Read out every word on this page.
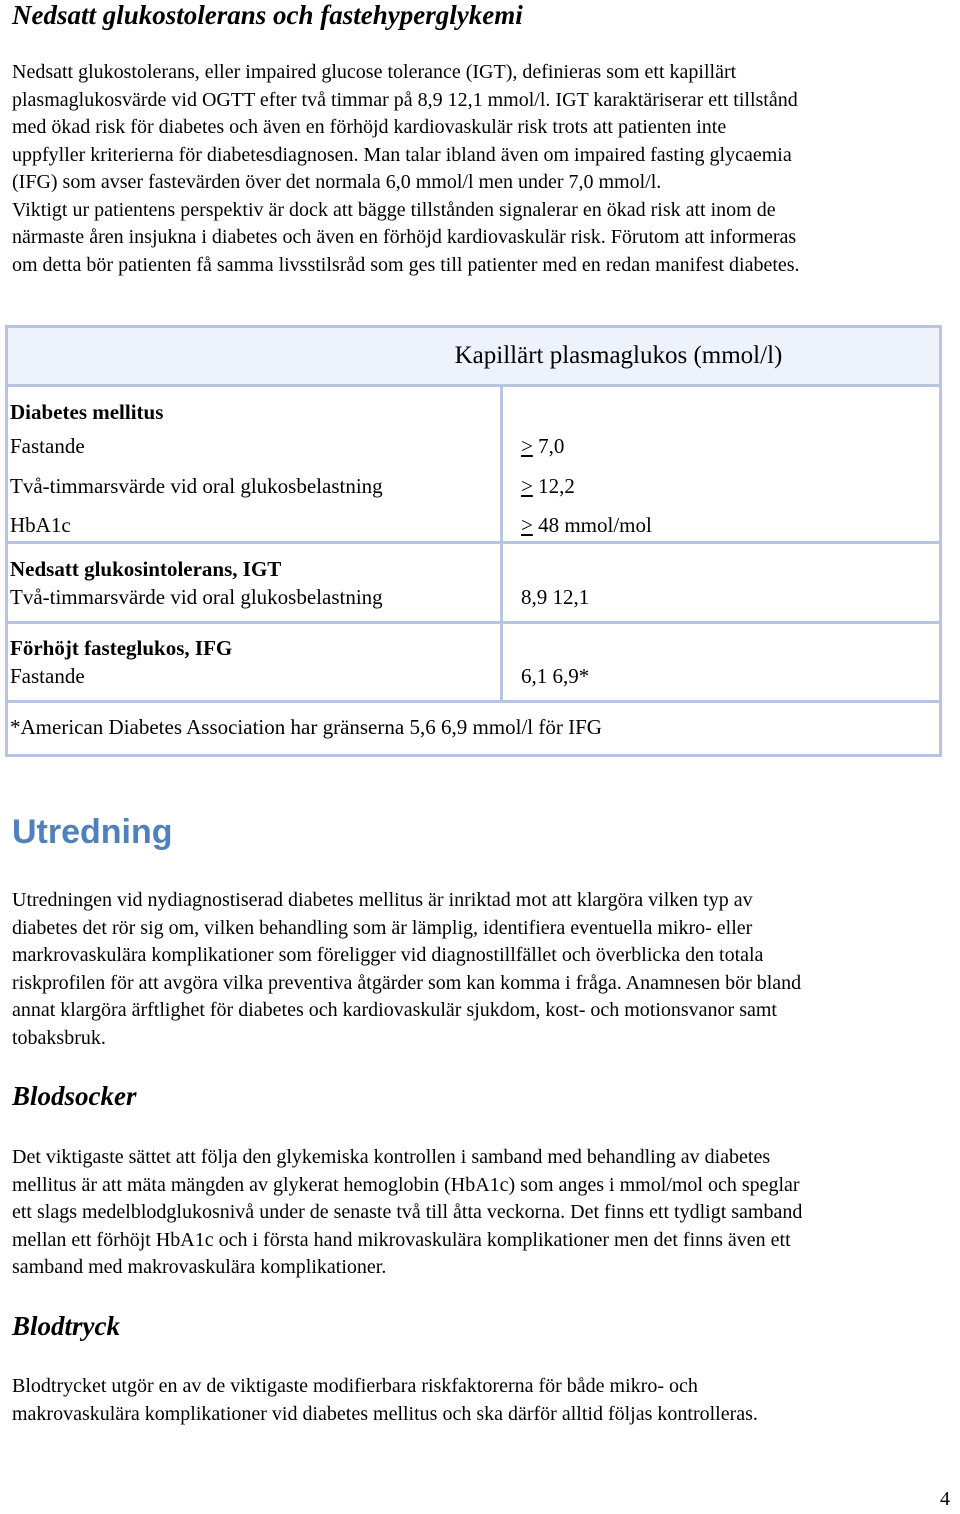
Nedsatt glukostolerans och fastehyperglykemi

Nedsatt glukostolerans, eller impaired glucose tolerance (IGT), definieras som ett kapillärt

plasmaglukosvärde vid OGTT efter två timmar på 8,9 12,1 mmol/l. IGT karaktäriserar ett tillstånd

med ökad risk för diabetes och även en förhöjd kardiovaskulär risk trots att patienten inte

uppfyller kriterierna för diabetesdiagnosen. Man talar ibland även om impaired fasting glycaemia

(IFG) som avser fastevärden över det normala 6,0 mmol/l men under 7,0 mmol/l.

Viktigt ur patientens perspektiv är dock att bägge tillstånden signalerar en ökad risk att inom de

närmaste åren insjukna i diabetes och även en förhöjd kardiovaskulär risk. Förutom att informeras

om detta bör patienten få samma livsstilsråd som ges till patienter med en redan manifest diabetes.

Kapillärt plasmaglukos (mmol/l)
Diabetes mellitus
Fastande	≥ 7,0
Två-timmarsvärde vid oral glukosbelastning	≥ 12,2
HbA1c	≥ 48 mmol/mol
Nedsatt glukosintolerans, IGT
Två-timmarsvärde vid oral glukosbelastning	8,9 12,1
Förhöjt fasteglukos, IFG
Fastande	6,1 6,9*
*American Diabetes Association har gränserna 5,6 6,9 mmol/l för IFG
Utredning

Utredningen vid nydiagnostiserad diabetes mellitus är inriktad mot att klargöra vilken typ av

diabetes det rör sig om, vilken behandling som är lämplig, identifiera eventuella mikro- eller

markrovaskulära komplikationer som föreligger vid diagnostillfället och överblicka den totala

riskprofilen för att avgöra vilka preventiva åtgärder som kan komma i fråga. Anamnesen bör bland

annat klargöra ärftlighet för diabetes och kardiovaskulär sjukdom, kost- och motionsvanor samt

tobaksbruk.

Blodsocker

Det viktigaste sättet att följa den glykemiska kontrollen i samband med behandling av diabetes

mellitus är att mäta mängden av glykerat hemoglobin (HbA1c) som anges i mmol/mol och speglar

ett slags medelblodglukosnivå under de senaste två till åtta veckorna. Det finns ett tydligt samband

mellan ett förhöjt HbA1c och i första hand mikrovaskulära komplikationer men det finns även ett

samband med makrovaskulära komplikationer.

Blodtryck

Blodtrycket utgör en av de viktigaste modifierbara riskfaktorerna för både mikro- och

makrovaskulära komplikationer vid diabetes mellitus och ska därför alltid följas kontrolleras.

4
